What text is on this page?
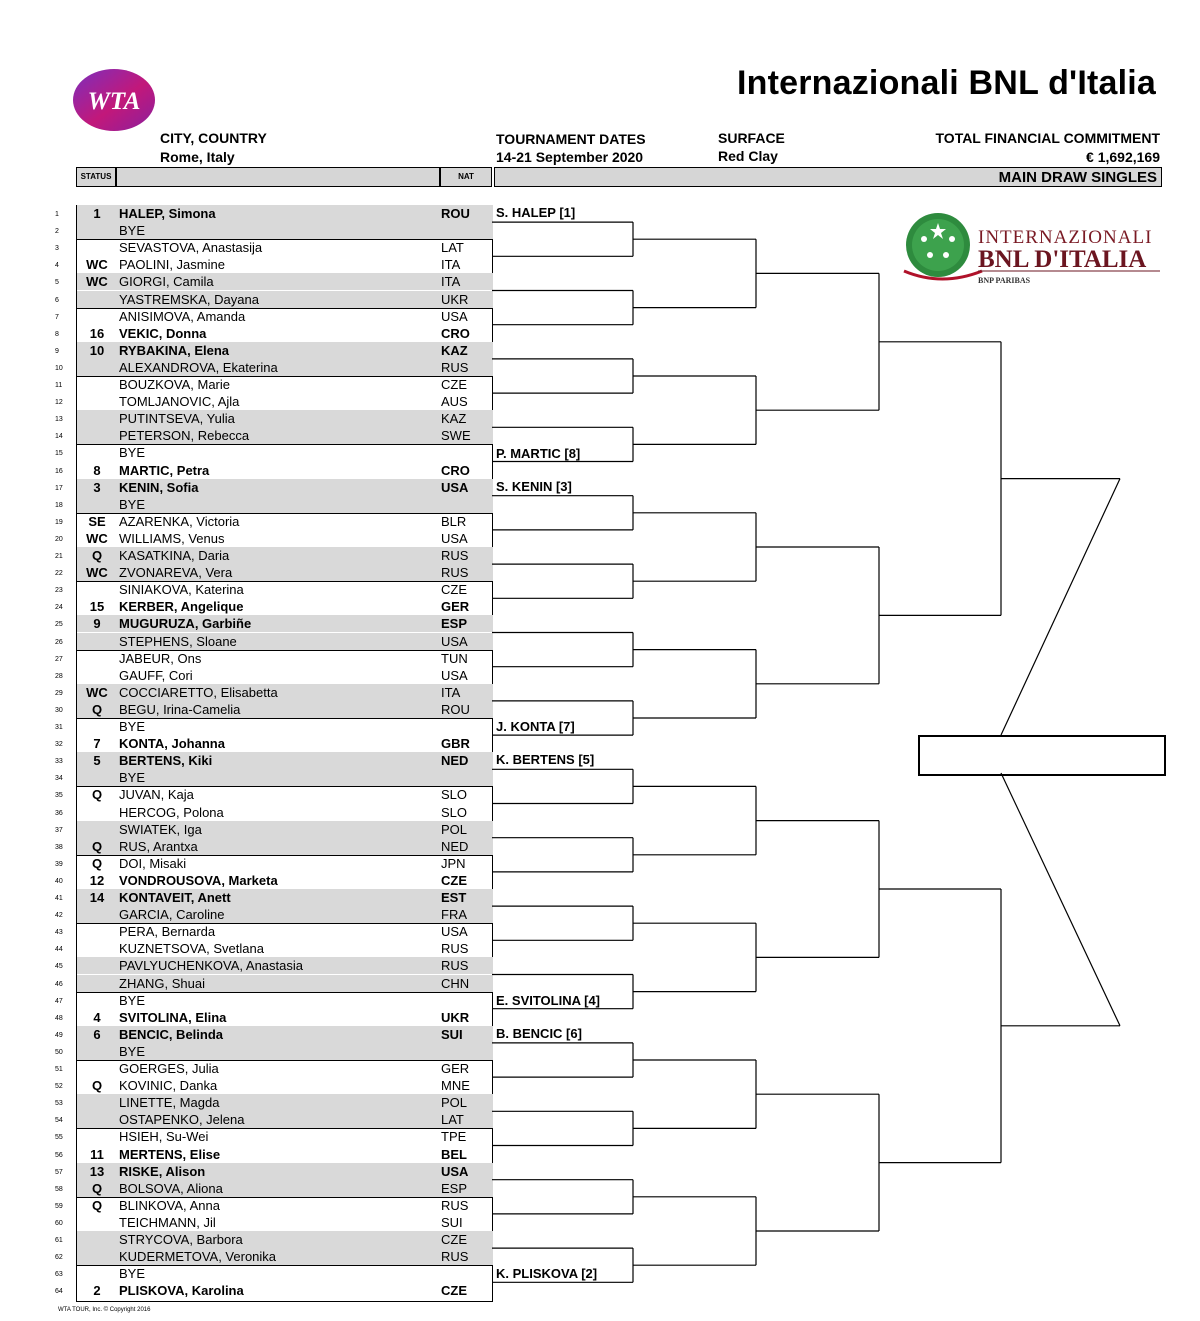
WTA	Internazionali BNL d'Italia
CITY, COUNTRY
Rome, Italy
TOURNAMENT DATES
14-21 September 2020
SURFACE
Red Clay
TOTAL FINANCIAL COMMITMENT
€ 1,692,169
STATUS	NAT	MAIN DRAW SINGLES
1	1	HALEP, Simona	ROU
2	BYE
3	SEVASTOVA, Anastasija	LAT
4	WC PAOLINI, Jasmine	ITA
5	WC GIORGI, Camila	ITA
6	YASTREMSKA, Dayana	UKR
7	ANISIMOVA, Amanda	USA
8	16	VEKIC, Donna	CRO
9	10	RYBAKINA, Elena	KAZ
10	ALEXANDROVA, Ekaterina	RUS
11	BOUZKOVA, Marie	CZE
12	TOMLJANOVIC, Ajla	AUS
13	PUTINTSEVA, Yulia	KAZ
14	PETERSON, Rebecca	SWE
15	BYE
16	8	MARTIC, Petra	CRO
17	3	KENIN, Sofia	USA
18	BYE
19	SE	AZARENKA, Victoria	BLR
20	WC WILLIAMS, Venus	USA
21	Q	KASATKINA, Daria	RUS
22	WC ZVONAREVA, Vera	RUS
23	SINIAKOVA, Katerina	CZE
24	15	KERBER, Angelique	GER
25	9	MUGURUZA, Garbiñe	ESP
26	STEPHENS, Sloane	USA
27	JABEUR, Ons	TUN
28	GAUFF, Cori	USA
29	WC COCCIARETTO, Elisabetta	ITA
30	Q	BEGU, Irina-Camelia	ROU
31	BYE
32	7	KONTA, Johanna	GBR
33	5	BERTENS, Kiki	NED
34	BYE
35	Q	JUVAN, Kaja	SLO
36	HERCOG, Polona	SLO
37	SWIATEK, Iga	POL
38	Q	RUS, Arantxa	NED
39	Q	DOI, Misaki	JPN
40	12	VONDROUSOVA, Marketa	CZE
41	14	KONTAVEIT, Anett	EST
42	GARCIA, Caroline	FRA
43	PERA, Bernarda	USA
44	KUZNETSOVA, Svetlana	RUS
45	PAVLYUCHENKOVA, Anastasia	RUS
46	ZHANG, Shuai	CHN
47	BYE
48	4	SVITOLINA, Elina	UKR
49	6	BENCIC, Belinda	SUI
50	BYE
51	GOERGES, Julia	GER
52	Q	KOVINIC, Danka	MNE
53	LINETTE, Magda	POL
54	OSTAPENKO, Jelena	LAT
55	HSIEH, Su-Wei	TPE
56	11	MERTENS, Elise	BEL
57	13	RISKE, Alison	USA
58	Q	BOLSOVA, Aliona	ESP
59	Q	BLINKOVA, Anna	RUS
60	TEICHMANN, Jil	SUI
61	STRYCOVA, Barbora	CZE
62	KUDERMETOVA, Veronika	RUS
63	BYE
64	2	PLISKOVA, Karolina	CZE
INTERNAZIONALI
BNL D'ITALIA
BNP PARIBAS
S. HALEP [1]
P. MARTIC [8]
S. KENIN [3]
J. KONTA [7]
K. BERTENS [5]
E. SVITOLINA [4]
B. BENCIC [6]
K. PLISKOVA [2]
WTA TOUR, Inc. © Copyright 2016
